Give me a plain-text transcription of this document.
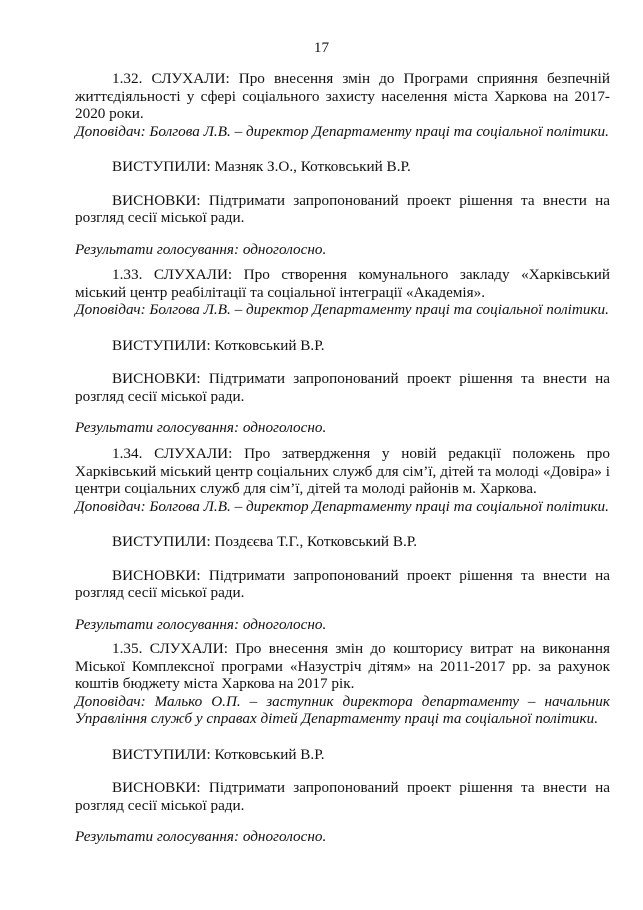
17

1.32. СЛУХАЛИ: Про внесення змін до Програми сприяння безпечній життєдіяльності у сфері соціального захисту населення міста Харкова на 2017-2020 роки.

Доповідач: Болгова Л.В. – директор Департаменту праці та соціальної політики.

ВИСТУПИЛИ: Мазняк З.О., Котковський В.Р.

ВИСНОВКИ: Підтримати запропонований проект рішення та внести на розгляд сесії міської ради.

Результати голосування: одноголосно.

1.33. СЛУХАЛИ: Про створення комунального закладу «Харківський міський центр реабілітації та соціальної інтеграції «Академія».

Доповідач: Болгова Л.В. – директор Департаменту праці та соціальної політики.

ВИСТУПИЛИ: Котковський В.Р.

ВИСНОВКИ: Підтримати запропонований проект рішення та внести на розгляд сесії міської ради.

Результати голосування: одноголосно.

1.34. СЛУХАЛИ: Про затвердження у новій редакції положень про Харківський міський центр соціальних служб для сім’ї, дітей та молоді «Довіра» і центри соціальних служб для сім’ї, дітей та молоді районів м. Харкова.

Доповідач: Болгова Л.В. – директор Департаменту праці та соціальної політики.

ВИСТУПИЛИ: Поздєєва Т.Г., Котковський В.Р.

ВИСНОВКИ: Підтримати запропонований проект рішення та внести на розгляд сесії міської ради.

Результати голосування: одноголосно.

1.35. СЛУХАЛИ: Про внесення змін до кошторису витрат на виконання Міської Комплексної програми «Назустріч дітям» на 2011-2017 рр. за рахунок коштів бюджету міста Харкова на 2017 рік.

Доповідач: Малько О.П. – заступник директора департаменту – начальник Управління служб у справах дітей Департаменту праці та соціальної політики.

ВИСТУПИЛИ: Котковський В.Р.

ВИСНОВКИ: Підтримати запропонований проект рішення та внести на розгляд сесії міської ради.

Результати голосування: одноголосно.
